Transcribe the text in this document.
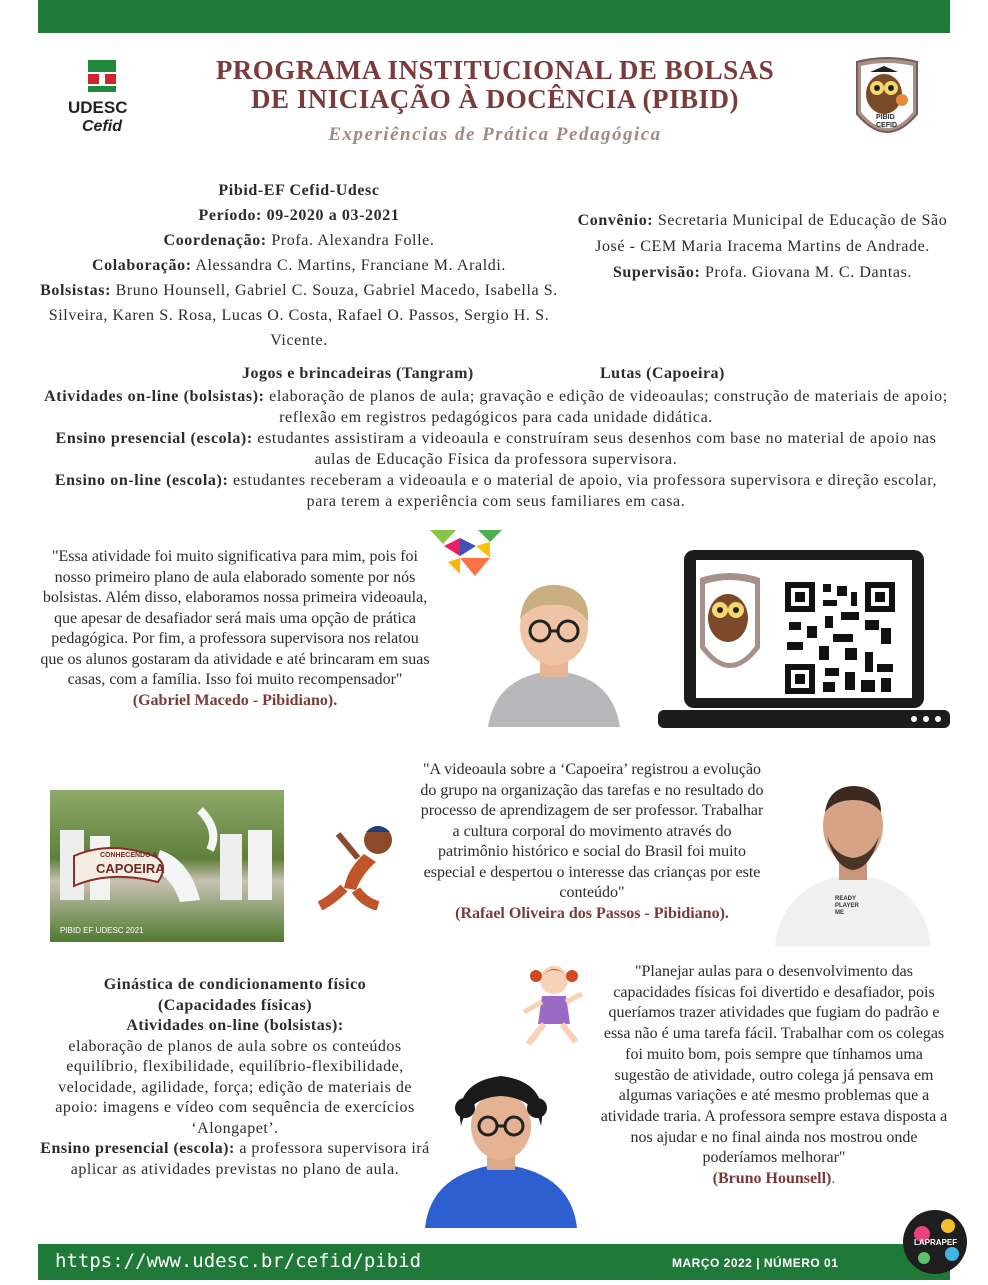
UDESC
Cefid
PROGRAMA INSTITUCIONAL DE BOLSAS
DE INICIAÇÃO À DOCÊNCIA (PIBID)
Experiências de Prática Pedagógica
PIBID
CEFID
Pibid-EF Cefid-Udesc
Período: 09-2020 a 03-2021
Coordenação: Profa. Alexandra Folle.
Colaboração: Alessandra C. Martins, Franciane M. Araldi.
Bolsistas: Bruno Hounsell, Gabriel C. Souza, Gabriel Macedo, Isabella S. Silveira, Karen S. Rosa, Lucas O. Costa, Rafael O. Passos, Sergio H. S. Vicente.
Convênio: Secretaria Municipal de Educação de São José - CEM Maria Iracema Martins de Andrade.
Supervisão: Profa. Giovana M. C. Dantas.
Jogos e brincadeiras (Tangram)	Lutas (Capoeira)
Atividades on-line (bolsistas): elaboração de planos de aula; gravação e edição de videoaulas; construção de materiais de apoio; reflexão em registros pedagógicos para cada unidade didática.
Ensino presencial (escola): estudantes assistiram a videoaula e construíram seus desenhos com base no material de apoio nas aulas de Educação Física da professora supervisora.
Ensino on-line (escola): estudantes receberam a videoaula e o material de apoio, via professora supervisora e direção escolar, para terem a experiência com seus familiares em casa.
"Essa atividade foi muito significativa para mim, pois foi nosso primeiro plano de aula elaborado somente por nós bolsistas. Além disso, elaboramos nossa primeira videoaula, que apesar de desafiador será mais uma opção de prática pedagógica. Por fim, a professora supervisora nos relatou que os alunos gostaram da atividade e até brincaram em suas casas, com a família. Isso foi muito recompensador"
(Gabriel Macedo - Pibidiano).
CONHECENDO A
CAPOEIRA
PIBID EF UDESC 2021
"A videoaula sobre a ‘Capoeira’ registrou a evolução do grupo na organização das tarefas e no resultado do processo de aprendizagem de ser professor. Trabalhar a cultura corporal do movimento através do patrimônio histórico e social do Brasil foi muito especial e despertou o interesse das crianças por este conteúdo"
(Rafael Oliveira dos Passos - Pibidiano).
READY PLAYER ME
Ginástica de condicionamento físico
(Capacidades físicas)
Atividades on-line (bolsistas):
elaboração de planos de aula sobre os conteúdos equilíbrio, flexibilidade, equilíbrio-flexibilidade, velocidade, agilidade, força; edição de materiais de apoio: imagens e vídeo com sequência de exercícios ‘Alongapet’.
Ensino presencial (escola): a professora supervisora irá aplicar as atividades previstas no plano de aula.
"Planejar aulas para o desenvolvimento das capacidades físicas foi divertido e desafiador, pois queríamos trazer atividades que fugiam do padrão e essa não é uma tarefa fácil. Trabalhar com os colegas foi muito bom, pois sempre que tínhamos uma sugestão de atividade, outro colega já pensava em algumas variações e até mesmo problemas que a atividade traria. A professora sempre estava disposta a nos ajudar e no final ainda nos mostrou onde poderíamos melhorar"
(Bruno Hounsell).
https://www.udesc.br/cefid/pibid	MARÇO 2022 | NÚMERO 01
LAPRAPEF
